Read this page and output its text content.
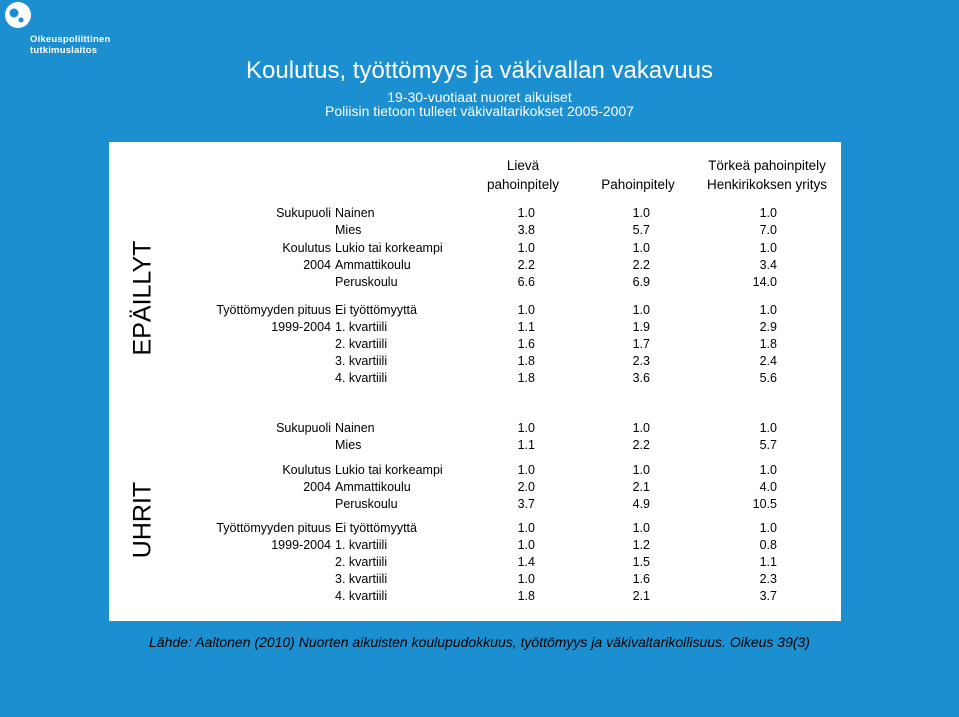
Oikeuspoliittinen
tutkimuslaitos
Koulutus, työttömyys ja väkivallan vakavuus
19-30-vuotiaat nuoret aikuiset
Poliisin tietoon tulleet väkivaltarikokset 2005-2007
Lievä
pahoinpitely	Pahoinpitely
Törkeä pahoinpitely
Henkirikoksen yritys
EPÄILLYT
UHRIT
Sukupuoli Nainen	1.0	1.0	1.0
Mies	3.8	5.7	7.0
Koulutus Lukio tai korkeampi	1.0	1.0	1.0
2004 Ammattikoulu	2.2	2.2	3.4
Peruskoulu	6.6	6.9	14.0
Työttömyyden pituus Ei työttömyyttä	1.0	1.0	1.0
1999-2004 1. kvartiili	1.1	1.9	2.9
2. kvartiili	1.6	1.7	1.8
3. kvartiili	1.8	2.3	2.4
4. kvartiili	1.8	3.6	5.6
Sukupuoli Nainen	1.0	1.0	1.0
Mies	1.1	2.2	5.7
Koulutus Lukio tai korkeampi	1.0	1.0	1.0
2004 Ammattikoulu	2.0	2.1	4.0
Peruskoulu	3.7	4.9	10.5
Työttömyyden pituus Ei työttömyyttä	1.0	1.0	1.0
1999-2004 1. kvartiili	1.0	1.2	0.8
2. kvartiili	1.4	1.5	1.1
3. kvartiili	1.0	1.6	2.3
4. kvartiili	1.8	2.1	3.7
Lähde: Aaltonen (2010) Nuorten aikuisten koulupudokkuus, työttömyys ja väkivaltarikollisuus. Oikeus 39(3)
